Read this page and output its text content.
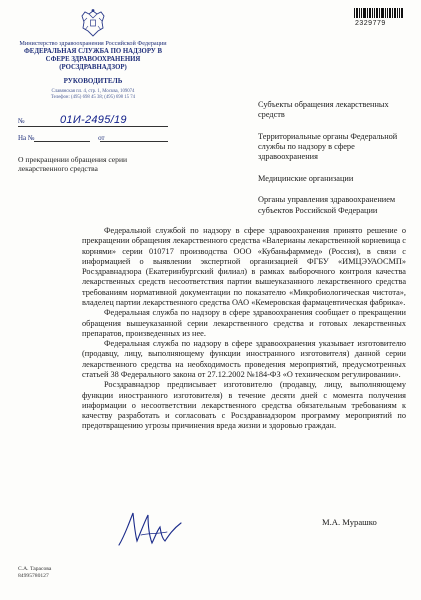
Министерство здравоохранения Российской Федерации
ФЕДЕРАЛЬНАЯ СЛУЖБА ПО НАДЗОРУ В СФЕРЕ ЗДРАВООХРАНЕНИЯ (РОСЗДРАВНАДЗОР)
РУКОВОДИТЕЛЬ
Славянская пл. 4, стр. 1, Москва, 109074
Телефон: (495) 698 45 38; (495) 698 15 74
№	01И-2495/19
На №	от
2329779
Субъекты обращения лекарственных средств
Территориальные органы Федеральной службы по надзору в сфере здравоохранения
Медицинские организации
Органы управления здравоохранением субъектов Российской Федерации
О прекращении обращения серии лекарственного средства

Федеральной службой по надзору в сфере здравоохранения принято решение о прекращении обращения лекарственного средства «Валерианы лекарственной корневища с корнями» серии 010717 производства ООО «Кубаньфарммед» (Россия), в связи с информацией о выявлении экспертной организацией ФГБУ «ИМЦЭУАОСМП» Росздравнадзора (Екатеринбургский филиал) в рамках выборочного контроля качества лекарственных средств несоответствия партии вышеуказанного лекарственного средства требованиям нормативной документации по показателю «Микробиологическая чистота», владелец партии лекарственного средства ОАО «Кемеровская фармацевтическая фабрика».

Федеральная служба по надзору в сфере здравоохранения сообщает о прекращении обращения вышеуказанной серии лекарственного средства и готовых лекарственных препаратов, произведенных из нее.

Федеральная служба по надзору в сфере здравоохранения указывает изготовителю (продавцу, лицу, выполняющему функции иностранного изготовителя) данной серии лекарственного средства на необходимость проведения мероприятий, предусмотренных статьей 38 Федерального закона от 27.12.2002 №184-ФЗ «О техническом регулировании».

Росздравнадзор предписывает изготовителю (продавцу, лицу, выполняющему функции иностранного изготовителя) в течение десяти дней с момента получения информации о несоответствии лекарственного средства обязательным требованиям к качеству разработать и согласовать с Росздравнадзором программу мероприятий по предотвращению угрозы причинения вреда жизни и здоровью граждан.

М.А. Мурашко
С.А. Тарасова
84995780127
